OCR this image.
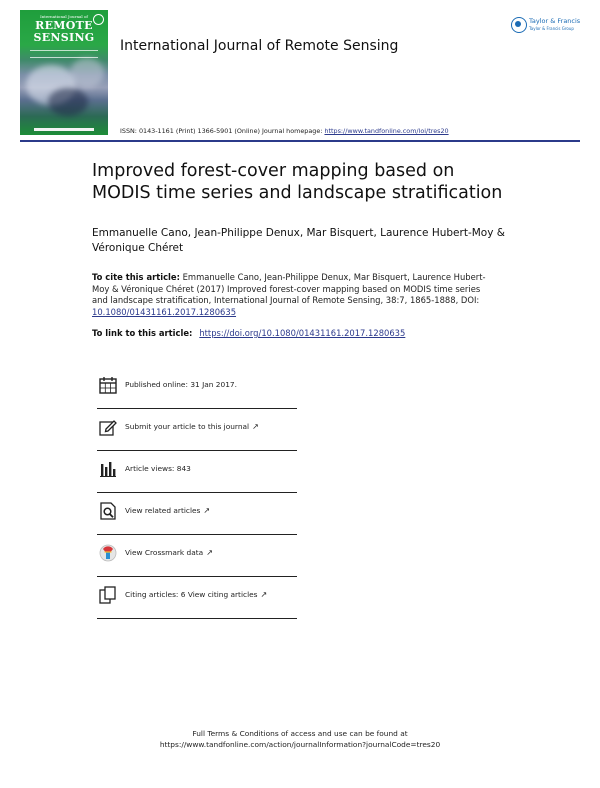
International Journal of
REMOTE
SENSING
International Journal of Remote Sensing
Taylor & Francis
Taylor & Francis Group
ISSN: 0143-1161 (Print) 1366-5901 (Online) Journal homepage: https://www.tandfonline.com/loi/tres20
Improved forest-cover mapping based on MODIS time series and landscape stratification
Emmanuelle Cano, Jean-Philippe Denux, Mar Bisquert, Laurence Hubert-Moy & Véronique Chéret
To cite this article: Emmanuelle Cano, Jean-Philippe Denux, Mar Bisquert, Laurence Hubert-Moy & Véronique Chéret (2017) Improved forest-cover mapping based on MODIS time series and landscape stratification, International Journal of Remote Sensing, 38:7, 1865-1888, DOI: 10.1080/01431161.2017.1280635
To link to this article: https://doi.org/10.1080/01431161.2017.1280635
Published online: 31 Jan 2017.
Submit your article to this journal ↗
Article views: 843
View related articles ↗
View Crossmark data ↗
Citing articles: 6 View citing articles ↗
Full Terms & Conditions of access and use can be found at
https://www.tandfonline.com/action/journalInformation?journalCode=tres20
